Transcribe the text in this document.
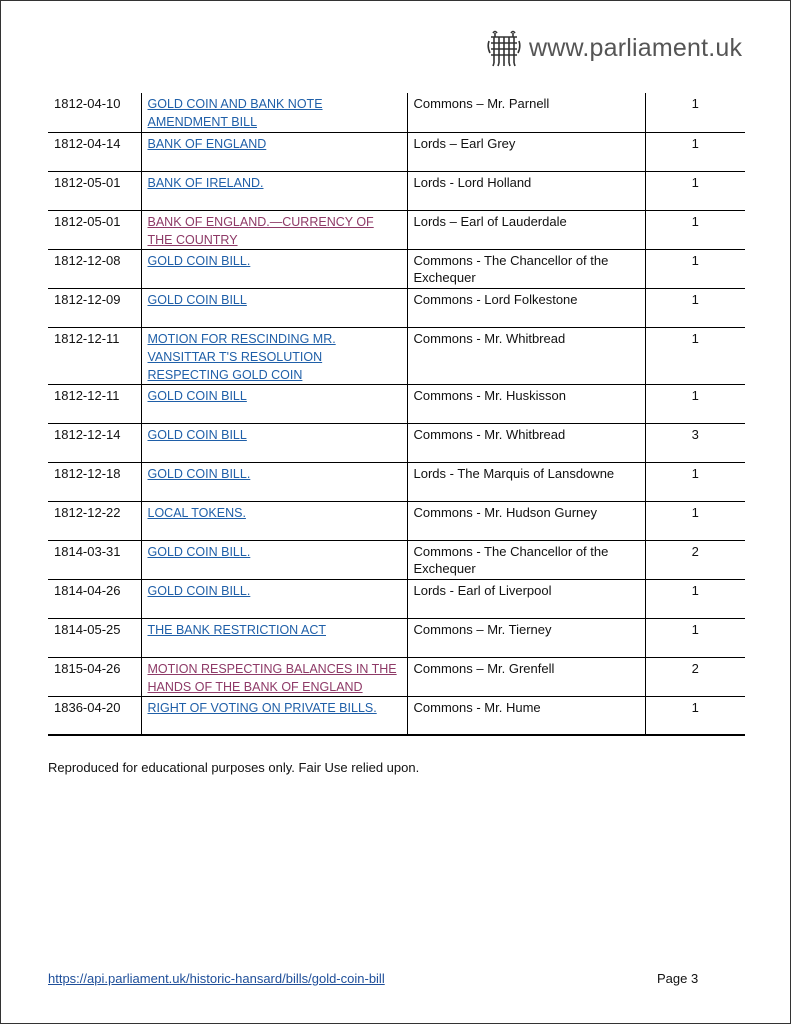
www.parliament.uk
1812-04-10	GOLD COIN AND BANK NOTE AMENDMENT BILL	Commons – Mr. Parnell	1
1812-04-14	BANK OF ENGLAND	Lords – Earl Grey	1
1812-05-01	BANK OF IRELAND.	Lords - Lord Holland	1
1812-05-01	BANK OF ENGLAND.—CURRENCY OF THE COUNTRY	Lords – Earl of Lauderdale	1
1812-12-08	GOLD COIN BILL.	Commons - The Chancellor of the Exchequer	1
1812-12-09	GOLD COIN BILL	Commons - Lord Folkestone	1
1812-12-11	MOTION FOR RESCINDING MR. VANSITTAR T'S RESOLUTION RESPECTING GOLD COIN	Commons - Mr. Whitbread	1
1812-12-11	GOLD COIN BILL	Commons - Mr. Huskisson	1
1812-12-14	GOLD COIN BILL	Commons - Mr. Whitbread	3
1812-12-18	GOLD COIN BILL.	Lords - The Marquis of Lansdowne	1
1812-12-22	LOCAL TOKENS.	Commons - Mr. Hudson Gurney	1
1814-03-31	GOLD COIN BILL.	Commons - The Chancellor of the Exchequer	2
1814-04-26	GOLD COIN BILL.	Lords - Earl of Liverpool	1
1814-05-25	THE BANK RESTRICTION ACT	Commons – Mr. Tierney	1
1815-04-26	MOTION RESPECTING BALANCES IN THE HANDS OF THE BANK OF ENGLAND	Commons – Mr. Grenfell	2
1836-04-20	RIGHT OF VOTING ON PRIVATE BILLS.	Commons - Mr. Hume	1
Reproduced for educational purposes only. Fair Use relied upon.
https://api.parliament.uk/historic-hansard/bills/gold-coin-bill	Page 3
